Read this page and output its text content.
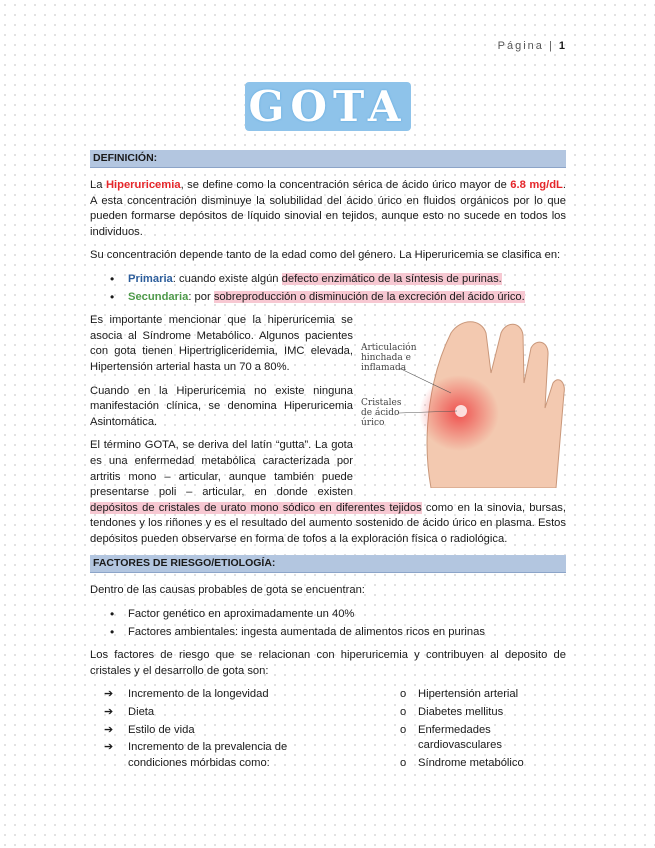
Página | 1
GOTA
DEFINICIÓN:

La Hiperuricemia, se define como la concentración sérica de ácido úrico mayor de 6.8 mg/dL. A esta concentración disminuye la solubilidad del ácido úrico en fluidos orgánicos por lo que pueden formarse depósitos de líquido sinovial en tejidos, aunque esto no sucede en todos los individuos.

Su concentración depende tanto de la edad como del género. La Hiperuricemia se clasifica en:

• Primaria: cuando existe algún defecto enzimático de la síntesis de purinas.
• Secundaria: por sobreproducción o disminución de la excreción del ácido úrico.
Articulación hinchada e inflamada
Cristales de ácido úrico

Es importante mencionar que la hiperuricemia se asocia al Síndrome Metabólico. Algunos pacientes con gota tienen Hipertrigliceridemia, IMC elevada, Hipertensión arterial hasta un 70 a 80%.

Cuando en la Hiperuricemia no existe ninguna manifestación clínica, se denomina Hiperuricemia Asintomática.

El término GOTA, se deriva del latín “gutta”. La gota es una enfermedad metabólica caracterizada por artritis mono – articular, aunque también puede presentarse poli – articular, en donde existen depósitos de cristales de urato mono sódico en diferentes tejidos como en la sinovia, bursas, tendones y los riñones y es el resultado del aumento sostenido de ácido úrico en plasma. Estos depósitos pueden observarse en forma de tofos a la exploración física o radiológica.

FACTORES DE RIESGO/ETIOLOGÍA:

Dentro de las causas probables de gota se encuentran:

• Factor genético en aproximadamente un 40%
• Factores ambientales: ingesta aumentada de alimentos ricos en purinas

Los factores de riesgo que se relacionan con hiperuricemia y contribuyen al deposito de cristales y el desarrollo de gota son:

➔ Incremento de la longevidad
➔ Dieta
➔ Estilo de vida
➔ Incremento de la prevalencia de condiciones mórbidas como:
o Hipertensión arterial
o Diabetes mellitus
o Enfermedades cardiovasculares
o Síndrome metabólico
